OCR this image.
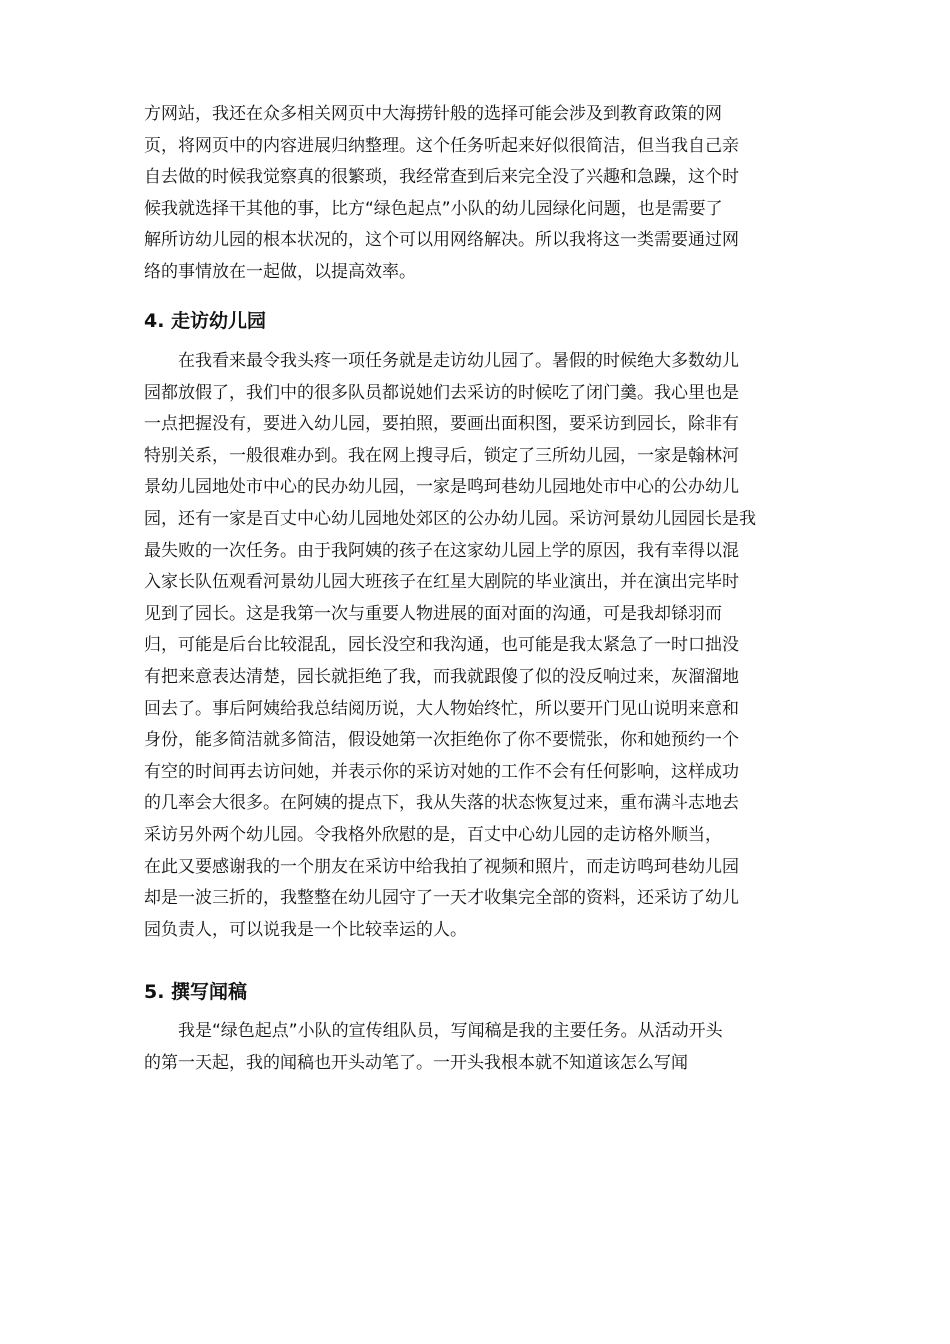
方网站，我还在众多相关网页中大海捞针般的选择可能会涉及到教育政策的网
页，将网页中的内容进展归纳整理。这个任务听起来好似很简洁，但当我自己亲
自去做的时候我觉察真的很繁琐，我经常查到后来完全没了兴趣和急躁，这个时
候我就选择干其他的事，比方“绿色起点”小队的幼儿园绿化问题，也是需要了
解所访幼儿园的根本状况的，这个可以用网络解决。所以我将这一类需要通过网
络的事情放在一起做，以提高效率。
4. 走访幼儿园
　　在我看来最令我头疼一项任务就是走访幼儿园了。暑假的时候绝大多数幼儿
园都放假了，我们中的很多队员都说她们去采访的时候吃了闭门羹。我心里也是
一点把握没有，要进入幼儿园，要拍照，要画出面积图，要采访到园长，除非有
特别关系，一般很难办到。我在网上搜寻后，锁定了三所幼儿园，一家是翰林河
景幼儿园地处市中心的民办幼儿园，一家是鸣珂巷幼儿园地处市中心的公办幼儿
园，还有一家是百丈中心幼儿园地处郊区的公办幼儿园。采访河景幼儿园园长是我
最失败的一次任务。由于我阿姨的孩子在这家幼儿园上学的原因，我有幸得以混
入家长队伍观看河景幼儿园大班孩子在红星大剧院的毕业演出，并在演出完毕时
见到了园长。这是我第一次与重要人物进展的面对面的沟通，可是我却铩羽而
归，可能是后台比较混乱，园长没空和我沟通，也可能是我太紧急了一时口拙没
有把来意表达清楚，园长就拒绝了我，而我就跟傻了似的没反响过来，灰溜溜地
回去了。事后阿姨给我总结阅历说，大人物始终忙，所以要开门见山说明来意和
身份，能多简洁就多简洁，假设她第一次拒绝你了你不要慌张，你和她预约一个
有空的时间再去访问她，并表示你的采访对她的工作不会有任何影响，这样成功
的几率会大很多。在阿姨的提点下，我从失落的状态恢复过来，重布满斗志地去
采访另外两个幼儿园。令我格外欣慰的是，百丈中心幼儿园的走访格外顺当，
在此又要感谢我的一个朋友在采访中给我拍了视频和照片，而走访鸣珂巷幼儿园
却是一波三折的，我整整在幼儿园守了一天才收集完全部的资料，还采访了幼儿
园负责人，可以说我是一个比较幸运的人。
5. 撰写闻稿
　　我是“绿色起点”小队的宣传组队员，写闻稿是我的主要任务。从活动开头
的第一天起，我的闻稿也开头动笔了。一开头我根本就不知道该怎么写闻
